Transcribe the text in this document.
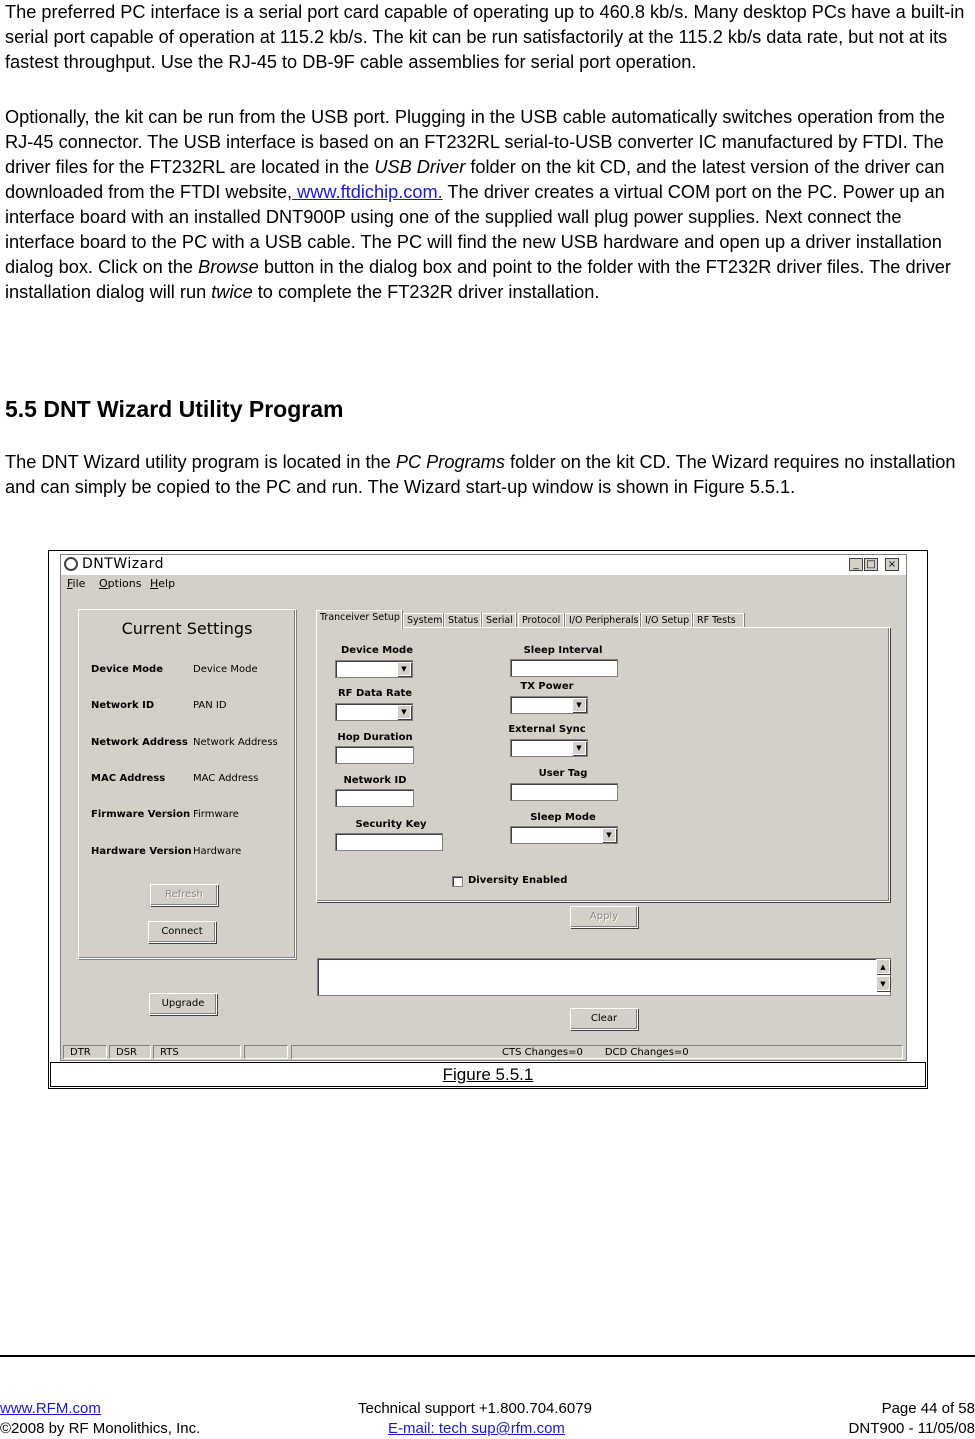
The preferred PC interface is a serial port card capable of operating up to 460.8 kb/s. Many desktop PCs have a built-in serial port capable of operation at 115.2 kb/s. The kit can be run satisfactorily at the 115.2 kb/s data rate, but not at its fastest throughput. Use the RJ-45 to DB-9F cable assemblies for serial port operation.

Optionally, the kit can be run from the USB port. Plugging in the USB cable automatically switches operation from the RJ-45 connector. The USB interface is based on an FT232RL serial-to-USB converter IC manufactured by FTDI. The driver files for the FT232RL are located in the USB Driver folder on the kit CD, and the latest version of the driver can downloaded from the FTDI website, www.ftdichip.com. The driver creates a virtual COM port on the PC. Power up an interface board with an installed DNT900P using one of the supplied wall plug power supplies. Next connect the interface board to the PC with a USB cable. The PC will find the new USB hardware and open up a driver installation dialog box. Click on the Browse button in the dialog box and point to the folder with the FT232R driver files. The driver installation dialog will run twice to complete the FT232R driver installation.

5.5 DNT Wizard Utility Program

The DNT Wizard utility program is located in the PC Programs folder on the kit CD. The Wizard requires no installation and can simply be copied to the PC and run. The Wizard start-up window is shown in Figure 5.5.1.

DNTWizard	_ □ ×
File Options Help
Current Settings
Device Mode	Device Mode
Network ID	PAN ID
Network Address Network Address
MAC Address	MAC Address
Firmware Version Firmware
Hardware Version Hardware
Refresh
Connect
Upgrade
Tranceiver Setup System Status Serial Protocol I/O Peripherals I/O Setup RF Tests
Device Mode
▼
RF Data Rate
▼
Hop Duration
Network ID
Security Key
Sleep Interval
TX Power
▼
External Sync
▼
User Tag
Sleep Mode
▼
Diversity Enabled
Apply
▲
▼
Clear
DTR	DSR	RTS	CTS Changes=0 DCD Changes=0
Figure 5.5.1

www.RFM.com

©2008 by RF Monolithics, Inc.

Technical support +1.800.704.6079

E-mail: tech sup@rfm.com

Page 44 of 58

DNT900 - 11/05/08
